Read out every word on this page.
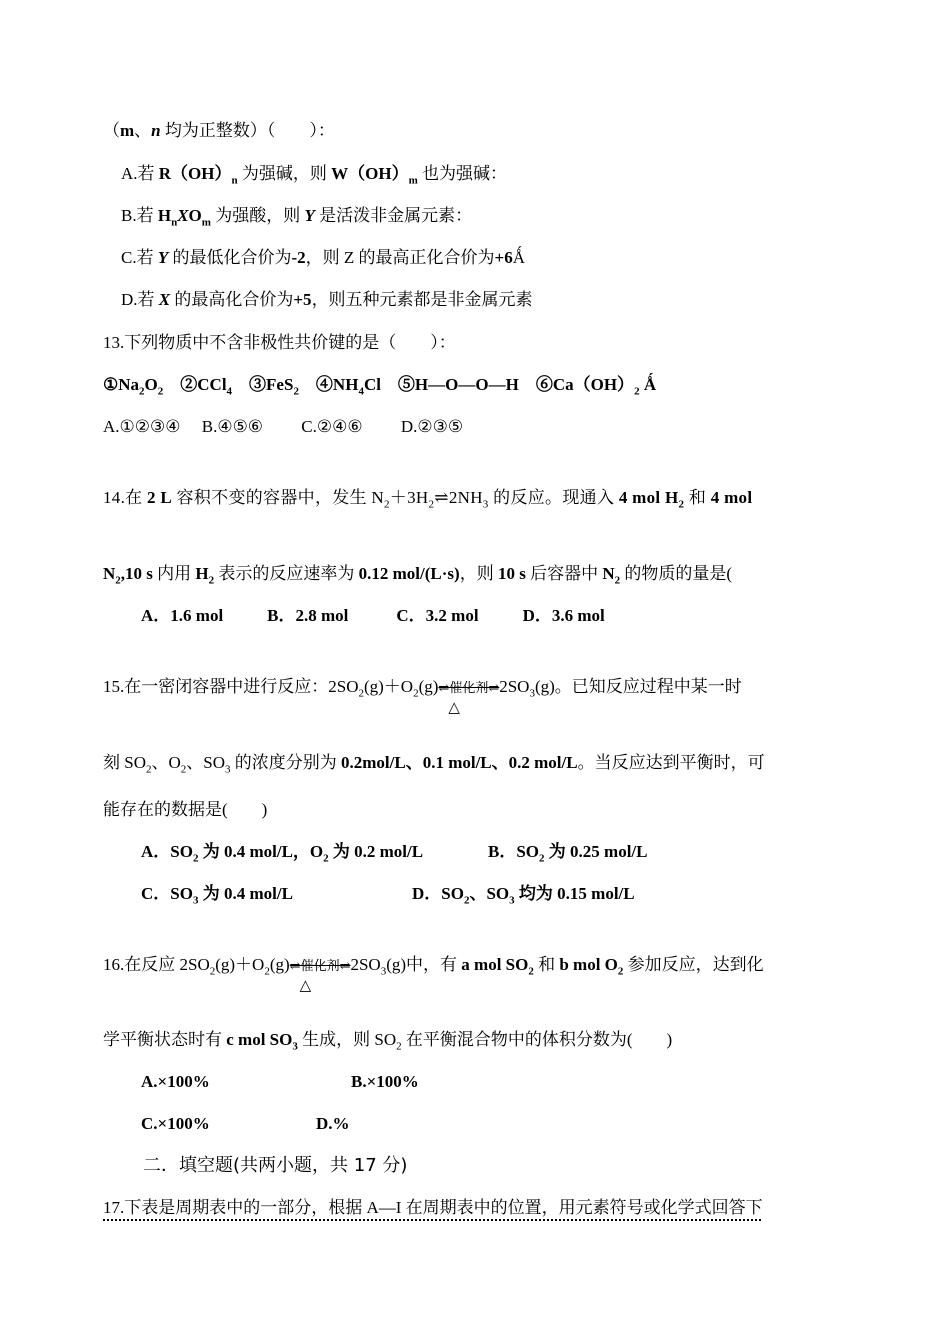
（m、n 均为正整数）（　　）：
A.若 $R(OH)_n$ 为强碱，则 $W(OH)_m$ 也为强碱：
B.若 $H_nXO_m$ 为强酸，则 Y 是活泼非金属元素：
C.若 Y 的最低化合价为-2，则 Z 的最高正化合价为+6Ǻ
D.若 X 的最高化合价为+5，则五种元素都是非金属元素
13.下列物质中不含非极性共价键的是（　　）：
$①Na_2O_2$　②CCl$_4$　③FeS$_2$　$④NH_4Cl$　⑤H—O—O—H　$⑥Ca(OH)_2$ Ǻ
A.①②③④　 B.④⑤⑥　　 C.②④⑥　　 D.②③⑤
14.在 2 L 容积不变的容器中，发生 $N_2+3H_2\rightleftharpoons 2NH_3$ 的反应。现通入 4 mol $H_2$ 和 4 mol
$N_2,10$ s 内用 $H_2$ 表示的反应速率为 0.12 mol/(L·s)，则 10 s 后容器中 $N_2$ 的物质的量是(
A．1.6 mol	B．2.8 mol	C．3.2 mol	D．3.6 mol
15.在一密闭容器中进行反应：$2SO_2(g)+O_2(g)\rightleftharpoons$催化剂⇌
△
$2SO_3(g)$。已知反应过程中某一时
刻 $SO_2$、$O_2$、$SO_3$ 的浓度分别为 0.2mol/L、0.1 mol/L、0.2 mol/L。当反应达到平衡时，可
能存在的数据是(　　)
A．$SO_2$ 为 0.4 mol/L，$O_2$ 为 0.2 mol/L	B．$SO_2$ 为 0.25 mol/L
C．$SO_3$ 为 0.4 mol/L	D．$SO_2$、$SO_3$ 均为 0.15 mol/L
16.在反应 $2SO_2(g)+O_2(g)\rightleftharpoons$催化剂⇌
△
$2SO_3(g)$中，有 a mol $SO_2$ 和 b mol $O_2$ 参加反应，达到化
学平衡状态时有 c mol $SO_3$ 生成，则 $SO_2$ 在平衡混合物中的体积分数为(　　)
A.×100%	B.×100%
C.×100%	D.%
二．填空题(共两小题，共 17 分)
17.下表是周期表中的一部分，根据 A—I 在周期表中的位置，用元素符号或化学式回答下
